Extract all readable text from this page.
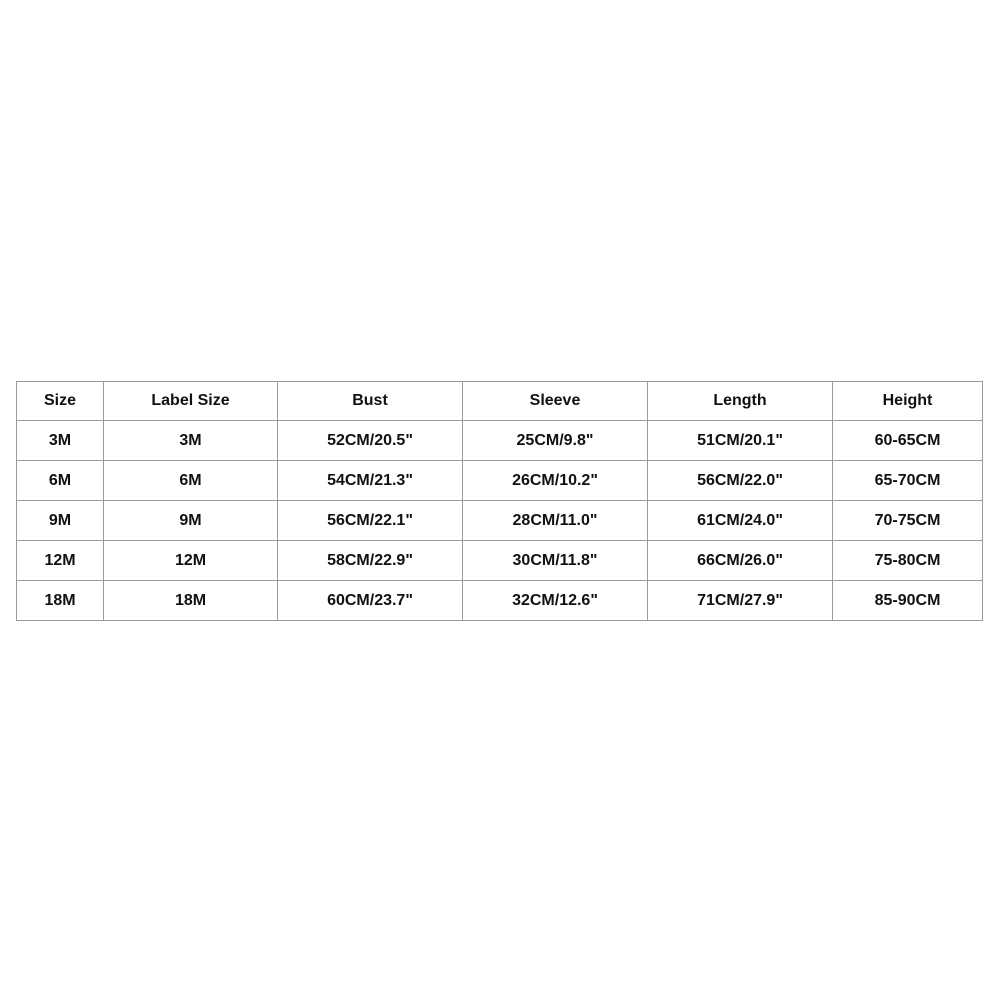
Size	Label Size	Bust	Sleeve	Length	Height
3M	3M	52CM/20.5"	25CM/9.8"	51CM/20.1"	60-65CM
6M	6M	54CM/21.3"	26CM/10.2"	56CM/22.0"	65-70CM
9M	9M	56CM/22.1"	28CM/11.0"	61CM/24.0"	70-75CM
12M	12M	58CM/22.9"	30CM/11.8"	66CM/26.0"	75-80CM
18M	18M	60CM/23.7"	32CM/12.6"	71CM/27.9"	85-90CM
